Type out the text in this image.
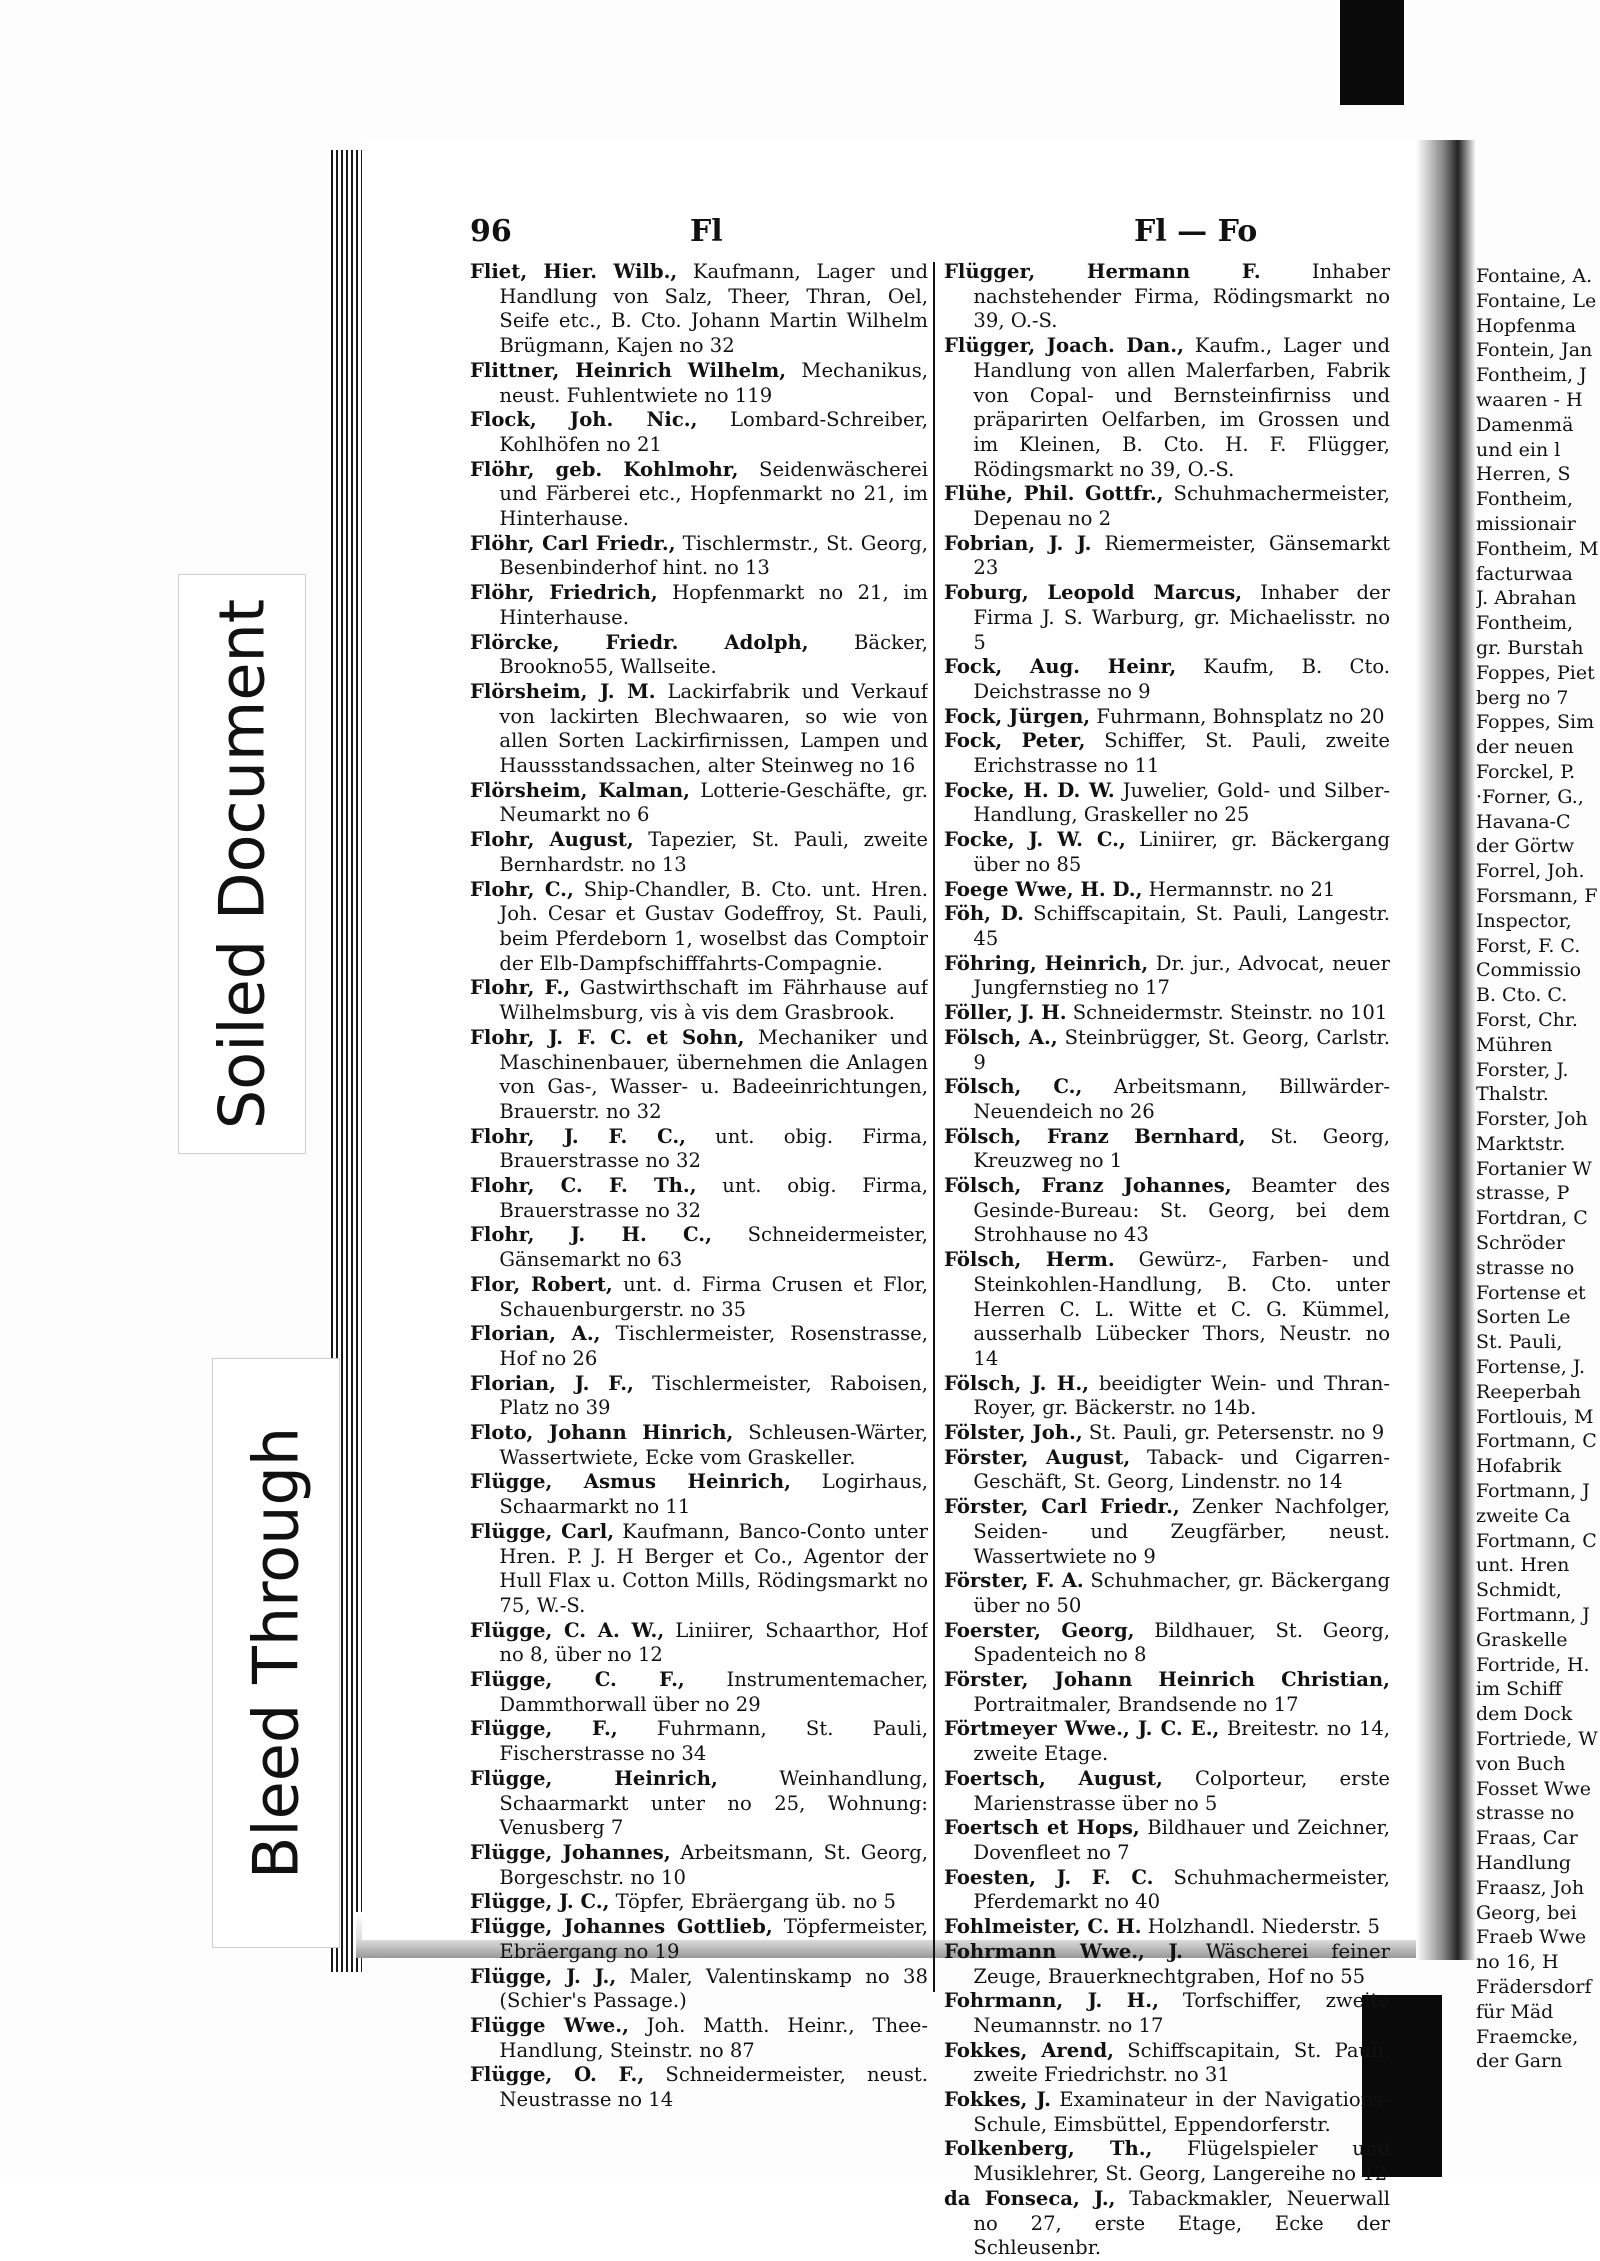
Soiled Document
Bleed Through
96	Fl	Fl — Fo

Fliet, Hier. Wilb., Kaufmann, Lager und Handlung von Salz, Theer, Thran, Oel, Seife etc., B. Cto. Johann Martin Wilhelm Brügmann, Kajen no 32

Flittner, Heinrich Wilhelm, Mechanikus, neust. Fuhlentwiete no 119

Flock, Joh. Nic., Lombard-Schreiber, Kohlhöfen no 21

Flöhr, geb. Kohlmohr, Seidenwäscherei und Färberei etc., Hopfenmarkt no 21, im Hinterhause.

Flöhr, Carl Friedr., Tischlermstr., St. Georg, Besenbinderhof hint. no 13

Flöhr, Friedrich, Hopfenmarkt no 21, im Hinterhause.

Flörcke, Friedr. Adolph, Bäcker, Brookno55, Wallseite.

Flörsheim, J. M. Lackirfabrik und Verkauf von lackirten Blechwaaren, so wie von allen Sorten Lackirfirnissen, Lampen und Haussstandssachen, alter Steinweg no 16

Flörsheim, Kalman, Lotterie-Geschäfte, gr. Neumarkt no 6

Flohr, August, Tapezier, St. Pauli, zweite Bernhardstr. no 13

Flohr, C., Ship-Chandler, B. Cto. unt. Hren. Joh. Cesar et Gustav Godeffroy, St. Pauli, beim Pferdeborn 1, woselbst das Comptoir der Elb-Dampfschifffahrts-Compagnie.

Flohr, F., Gastwirthschaft im Fährhause auf Wilhelmsburg, vis à vis dem Grasbrook.

Flohr, J. F. C. et Sohn, Mechaniker und Maschinenbauer, übernehmen die Anlagen von Gas-, Wasser- u. Badeeinrichtungen, Brauerstr. no 32

Flohr, J. F. C., unt. obig. Firma, Brauerstrasse no 32

Flohr, C. F. Th., unt. obig. Firma, Brauerstrasse no 32

Flohr, J. H. C., Schneidermeister, Gänsemarkt no 63

Flor, Robert, unt. d. Firma Crusen et Flor, Schauenburgerstr. no 35

Florian, A., Tischlermeister, Rosenstrasse, Hof no 26

Florian, J. F., Tischlermeister, Raboisen, Platz no 39

Floto, Johann Hinrich, Schleusen-Wärter, Wassertwiete, Ecke vom Graskeller.

Flügge, Asmus Heinrich, Logirhaus, Schaarmarkt no 11

Flügge, Carl, Kaufmann, Banco-Conto unter Hren. P. J. H Berger et Co., Agentor der Hull Flax u. Cotton Mills, Rödingsmarkt no 75, W.-S.

Flügge, C. A. W., Liniirer, Schaarthor, Hof no 8, über no 12

Flügge, C. F., Instrumentemacher, Dammthorwall über no 29

Flügge, F., Fuhrmann, St. Pauli, Fischerstrasse no 34

Flügge, Heinrich, Weinhandlung, Schaarmarkt unter no 25, Wohnung: Venusberg 7

Flügge, Johannes, Arbeitsmann, St. Georg, Borgeschstr. no 10

Flügge, J. C., Töpfer, Ebräergang üb. no 5

Flügge, Johannes Gottlieb, Töpfermeister, Ebräergang no 19

Flügge, J. J., Maler, Valentinskamp no 38 (Schier's Passage.)

Flügge Wwe., Joh. Matth. Heinr., Thee-Handlung, Steinstr. no 87

Flügge, O. F., Schneidermeister, neust. Neustrasse no 14

Flügger, Hermann F. Inhaber nachstehender Firma, Rödingsmarkt no 39, O.-S.

Flügger, Joach. Dan., Kaufm., Lager und Handlung von allen Malerfarben, Fabrik von Copal- und Bernsteinfirniss und präparirten Oelfarben, im Grossen und im Kleinen, B. Cto. H. F. Flügger, Rödingsmarkt no 39, O.-S.

Flühe, Phil. Gottfr., Schuhmachermeister, Depenau no 2

Fobrian, J. J. Riemermeister, Gänsemarkt 23

Foburg, Leopold Marcus, Inhaber der Firma J. S. Warburg, gr. Michaelisstr. no 5

Fock, Aug. Heinr, Kaufm, B. Cto. Deichstrasse no 9

Fock, Jürgen, Fuhrmann, Bohnsplatz no 20

Fock, Peter, Schiffer, St. Pauli, zweite Erichstrasse no 11

Focke, H. D. W. Juwelier, Gold- und Silber-Handlung, Graskeller no 25

Focke, J. W. C., Liniirer, gr. Bäckergang über no 85

Foege Wwe, H. D., Hermannstr. no 21

Föh, D. Schiffscapitain, St. Pauli, Langestr. 45

Föhring, Heinrich, Dr. jur., Advocat, neuer Jungfernstieg no 17

Föller, J. H. Schneidermstr. Steinstr. no 101

Fölsch, A., Steinbrügger, St. Georg, Carlstr. 9

Fölsch, C., Arbeitsmann, Billwärder-Neuendeich no 26

Fölsch, Franz Bernhard, St. Georg, Kreuzweg no 1

Fölsch, Franz Johannes, Beamter des Gesinde-Bureau: St. Georg, bei dem Strohhause no 43

Fölsch, Herm. Gewürz-, Farben- und Steinkohlen-Handlung, B. Cto. unter Herren C. L. Witte et C. G. Kümmel, ausserhalb Lübecker Thors, Neustr. no 14

Fölsch, J. H., beeidigter Wein- und Thran-Royer, gr. Bäckerstr. no 14b.

Fölster, Joh., St. Pauli, gr. Petersenstr. no 9

Förster, August, Taback- und Cigarren-Geschäft, St. Georg, Lindenstr. no 14

Förster, Carl Friedr., Zenker Nachfolger, Seiden- und Zeugfärber, neust. Wassertwiete no 9

Förster, F. A. Schuhmacher, gr. Bäckergang über no 50

Foerster, Georg, Bildhauer, St. Georg, Spadenteich no 8

Förster, Johann Heinrich Christian, Portraitmaler, Brandsende no 17

Förtmeyer Wwe., J. C. E., Breitestr. no 14, zweite Etage.

Foertsch, August, Colporteur, erste Marienstrasse über no 5

Foertsch et Hops, Bildhauer und Zeichner, Dovenfleet no 7

Foesten, J. F. C. Schuhmachermeister, Pferdemarkt no 40

Fohlmeister, C. H. Holzhandl. Niederstr. 5

Fohrmann Wwe., J. Wäscherei feiner Zeuge, Brauerknechtgraben, Hof no 55

Fohrmann, J. H., Torfschiffer, zweite Neumannstr. no 17

Fokkes, Arend, Schiffscapitain, St. Pauli, zweite Friedrichstr. no 31

Fokkes, J. Examinateur in der Navigations-Schule, Eimsbüttel, Eppendorferstr.

Folkenberg, Th., Flügelspieler und Musiklehrer, St. Georg, Langereihe no 12

da Fonseca, J., Tabackmakler, Neuerwall no 27, erste Etage, Ecke der Schleusenbr.

Fontaine, A.

Fontaine, Le

Hopfenma

Fontein, Jan

Fontheim, J

waaren - H

Damenmä

und ein l

Herren, S

Fontheim,

missionair

Fontheim, M

facturwaa

J. Abrahan

Fontheim,

gr. Burstah

Foppes, Piet

berg no 7

Foppes, Sim

der neuen

Forckel, P.

·Forner, G.,

Havana-C

der Görtw

Forrel, Joh.

Forsmann, F

Inspector,

Forst, F. C.

Commissio

B. Cto. C.

Forst, Chr.

Mühren

Forster, J.

Thalstr.

Forster, Joh

Marktstr.

Fortanier W

strasse, P

Fortdran, C

Schröder

strasse no

Fortense et

Sorten Le

St. Pauli,

Fortense, J.

Reeperbah

Fortlouis, M

Fortmann, C

Hofabrik

Fortmann, J

zweite Ca

Fortmann, C

unt. Hren

Schmidt,

Fortmann, J

Graskelle

Fortride, H.

im Schiff

dem Dock

Fortriede, W

von Buch

Fosset Wwe

strasse no

Fraas, Car

Handlung

Fraasz, Joh

Georg, bei

Fraeb Wwe

no 16, H

Frädersdorf

für Mäd

Fraemcke,

der Garn
